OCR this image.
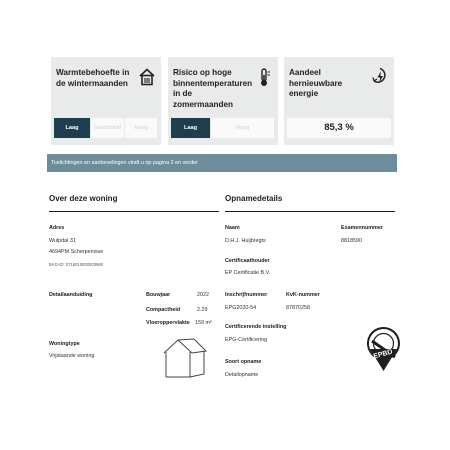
Warmtebehoefte in de wintermaanden
Laag	Gemiddeld	Hoog
Risico op hoge binnentemperaturen in de zomermaanden
Laag	Hoog
Aandeel hernieuwbare energie
85,3 %
Toelichtingen en aanbevelingen vindt u op pagina 2 en verder
Over deze woning
Adres
Wulpdal 31
4694PM Scherpenisse
BAG-ID: 0716010000003960
Detailaanduiding	Bouwjaar	2022
Compactheid	2.29
Vloeroppervlakte 159 m²
Woningtype
Vrijstaande woning
Opnamedetails
Naam
D.H.J. Huijbregts
Examennummer
8818590
Certificaathouder
EP Certificatie B.V.
Inschrijfnummer
EPG2020-54
KvK-nummer
87870258
Certificerende instelling
EPG-Certificering
Soort opname
Detailopname
EPBD
